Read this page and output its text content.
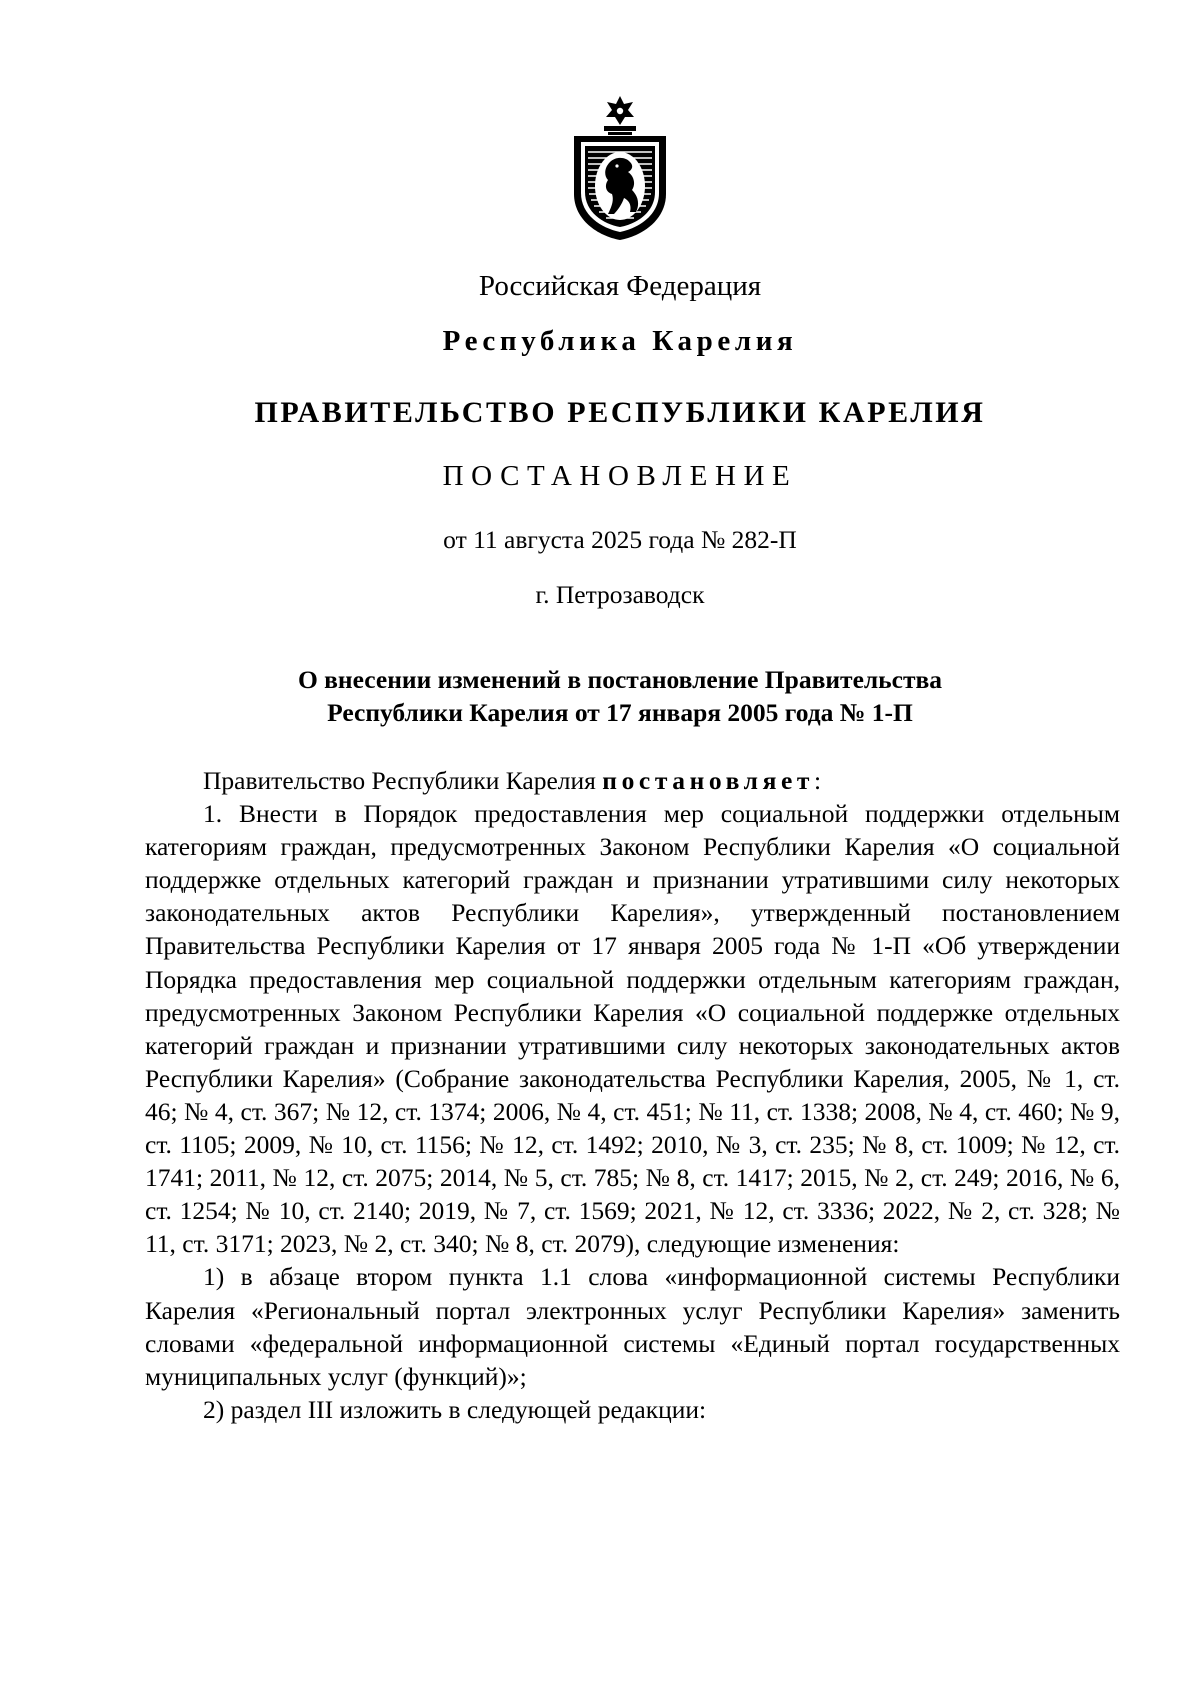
Российская Федерация
Республика Карелия
ПРАВИТЕЛЬСТВО РЕСПУБЛИКИ КАРЕЛИЯ
ПОСТАНОВЛЕНИЕ
от 11 августа 2025 года № 282-П
г. Петрозаводск
О внесении изменений в постановление Правительства
Республики Карелия от 17 января 2005 года № 1-П

Правительство Республики Карелия постановляет:

1. Внести в Порядок предоставления мер социальной поддержки отдельным категориям граждан, предусмотренных Законом Республики Карелия «О социальной поддержке отдельных категорий граждан и признании утратившими силу некоторых законодательных актов Республики Карелия», утвержденный постановлением Правительства Республики Карелия от 17 января 2005 года № 1-П «Об утверждении Порядка предоставления мер социальной поддержки отдельным категориям граждан, предусмотренных Законом Республики Карелия «О социальной поддержке отдельных категорий граждан и признании утратившими силу некоторых законодательных актов Республики Карелия» (Собрание законодательства Республики Карелия, 2005, № 1, ст. 46; № 4, ст. 367; № 12, ст. 1374; 2006, № 4, ст. 451; № 11, ст. 1338; 2008, № 4, ст. 460; № 9, ст. 1105; 2009, № 10, ст. 1156; № 12, ст. 1492; 2010, № 3, ст. 235; № 8, ст. 1009; № 12, ст. 1741; 2011, № 12, ст. 2075; 2014, № 5, ст. 785; № 8, ст. 1417; 2015, № 2, ст. 249; 2016, № 6, ст. 1254; № 10, ст. 2140; 2019, № 7, ст. 1569; 2021, № 12, ст. 3336; 2022, № 2, ст. 328; № 11, ст. 3171; 2023, № 2, ст. 340; № 8, ст. 2079), следующие изменения:

1) в абзаце втором пункта 1.1 слова «информационной системы Республики Карелия «Региональный портал электронных услуг Республики Карелия» заменить словами «федеральной информационной системы «Единый портал государственных муниципальных услуг (функций)»;

2) раздел III изложить в следующей редакции:
